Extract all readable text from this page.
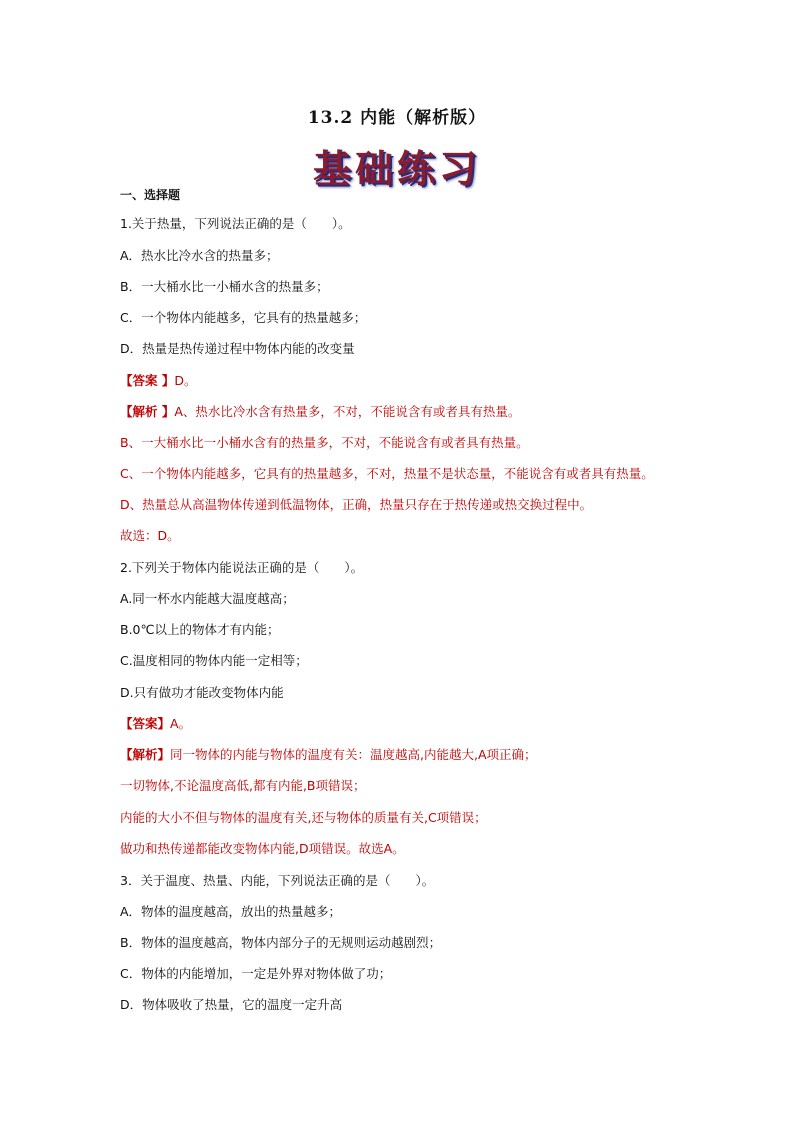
13.2 内能（解析版）
基础练习
一、选择题
1.关于热量，下列说法正确的是（　　）。
A．热水比冷水含的热量多；
B．一大桶水比一小桶水含的热量多；
C．一个物体内能越多，它具有的热量越多；
D．热量是热传递过程中物体内能的改变量
【答案 】D。
【解析 】A、热水比冷水含有热量多，不对，不能说含有或者具有热量。
B、一大桶水比一小桶水含有的热量多，不对，不能说含有或者具有热量。
C、一个物体内能越多，它具有的热量越多，不对，热量不是状态量，不能说含有或者具有热量。
D、热量总从高温物体传递到低温物体，正确，热量只存在于热传递或热交换过程中。
故选：D。
2.下列关于物体内能说法正确的是（　　）。
A.同一杯水内能越大温度越高；
B.0℃以上的物体才有内能；
C.温度相同的物体内能一定相等；
D.只有做功才能改变物体内能
【答案】A。
【解析】同一物体的内能与物体的温度有关：温度越高,内能越大,A项正确；
一切物体,不论温度高低,都有内能,B项错误；
内能的大小不但与物体的温度有关,还与物体的质量有关,C项错误；
做功和热传递都能改变物体内能,D项错误。故选A。
3．关于温度、热量、内能，下列说法正确的是（　　）。
A．物体的温度越高，放出的热量越多；
B．物体的温度越高，物体内部分子的无规则运动越剧烈；
C．物体的内能增加，一定是外界对物体做了功；
D．物体吸收了热量，它的温度一定升高
